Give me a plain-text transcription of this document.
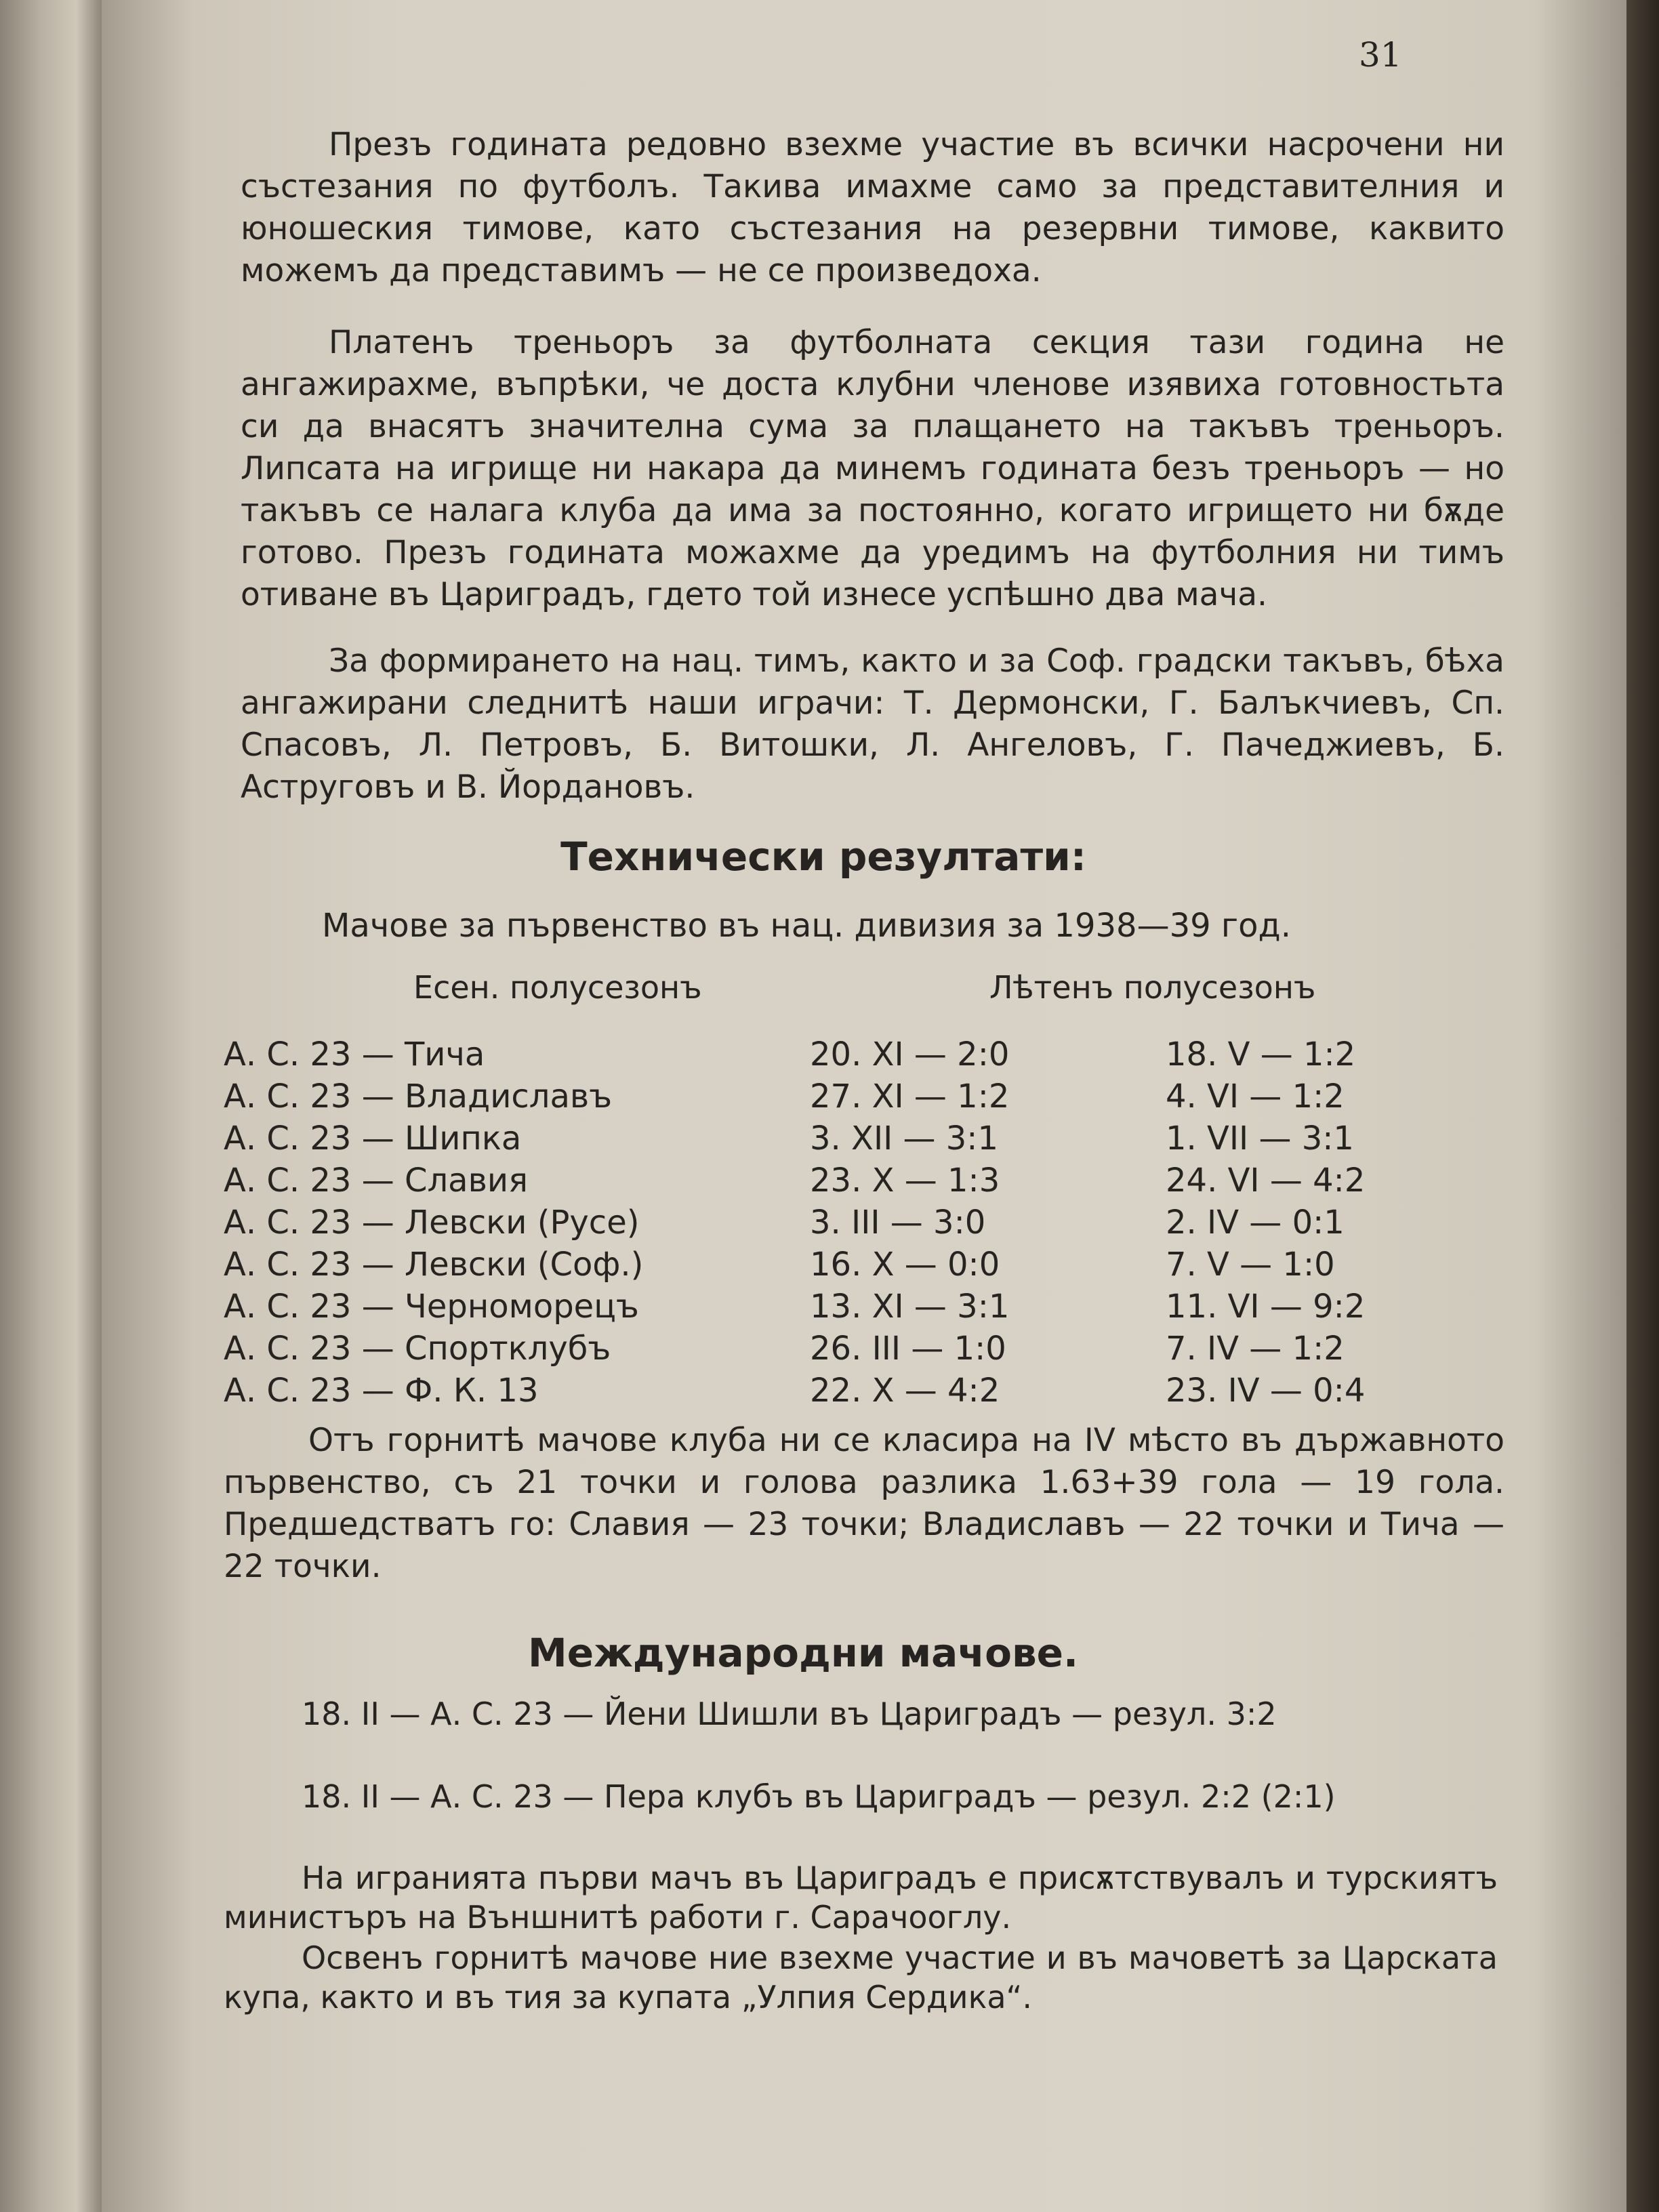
31

Презъ годината редовно взехме участие въ всички насрочени ни състезания по футболъ. Такива имахме само за представителния и юношеския тимове, като състезания на резервни тимове, каквито можемъ да представимъ — не се произведоха.

Платенъ треньоръ за футболната секция тази година не ангажирахме, въпрѣки, че доста клубни членове изявиха готовностьта си да внасятъ значителна сума за плащането на такъвъ треньоръ. Липсата на игрище ни накара да минемъ годината безъ треньоръ — но такъвъ се налага клуба да има за постоянно, когато игрището ни бѫде готово. Презъ годината можахме да уредимъ на футболния ни тимъ отиване въ Цариградъ, гдето той изнесе успѣшно два мача.

За формирането на нац. тимъ, както и за Соф. градски такъвъ, бѣха ангажирани следнитѣ наши играчи: Т. Дермонски, Г. Балъкчиевъ, Сп. Спасовъ, Л. Петровъ, Б. Витошки, Л. Ангеловъ, Г. Пачеджиевъ, Б. Аструговъ и В. Йордановъ.

Технически резултати:
Мачове за първенство въ нац. дивизия за 1938—39 год.
Есен. полусезонъ	Лѣтенъ полусезонъ
А. С. 23 — Тича	20. XI — 2:0	18. V — 1:2
А. С. 23 — Владиславъ	27. XI — 1:2	4. VI — 1:2
А. С. 23 — Шипка	3. XII — 3:1	1. VII — 3:1
А. С. 23 — Славия	23. X — 1:3	24. VI — 4:2
А. С. 23 — Левски (Русе)	3. III — 3:0	2. IV — 0:1
А. С. 23 — Левски (Соф.)	16. X — 0:0	7. V — 1:0
А. С. 23 — Черноморецъ	13. XI — 3:1	11. VI — 9:2
А. С. 23 — Спортклубъ	26. III — 1:0	7. IV — 1:2
А. С. 23 — Ф. К. 13	22. X — 4:2	23. IV — 0:4

Отъ горнитѣ мачове клуба ни се класира на IV мѣсто въ държавното първенство, съ 21 точки и голова разлика 1.63+39 гола — 19 гола. Предшедстватъ го: Славия — 23 точки; Владиславъ — 22 точки и Тича — 22 точки.

Международни мачове.

18. II — А. С. 23 — Йени Шишли въ Цариградъ — резул. 3:2

18. II — А. С. 23 — Пера клубъ въ Цариградъ — резул. 2:2 (2:1)

На игранията първи мачъ въ Цариградъ е присѫтствувалъ и турскиятъ министъръ на Външнитѣ работи г. Сарачооглу.

Освенъ горнитѣ мачове ние взехме участие и въ мачоветѣ за Царската купа, както и въ тия за купата „Улпия Сердика“.
